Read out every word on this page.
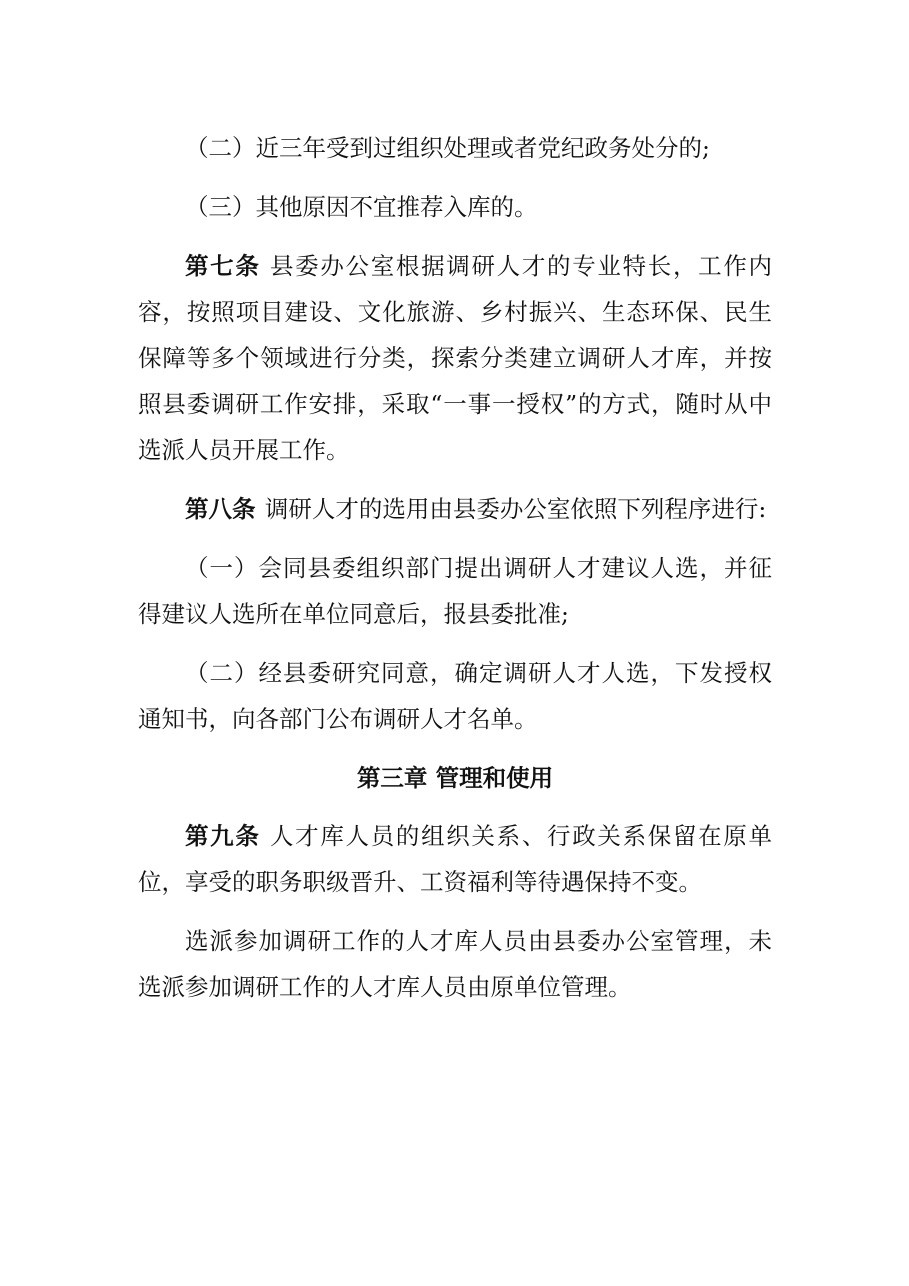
（二）近三年受到过组织处理或者党纪政务处分的;

（三）其他原因不宜推荐入库的。

第七条 县委办公室根据调研人才的专业特长，工作内容，按照项目建设、文化旅游、乡村振兴、生态环保、民生保障等多个领域进行分类，探索分类建立调研人才库，并按照县委调研工作安排，采取“一事一授权”的方式，随时从中选派人员开展工作。

第八条 调研人才的选用由县委办公室依照下列程序进行:

（一）会同县委组织部门提出调研人才建议人选，并征得建议人选所在单位同意后，报县委批准;

（二）经县委研究同意，确定调研人才人选，下发授权通知书，向各部门公布调研人才名单。

第三章 管理和使用

第九条 人才库人员的组织关系、行政关系保留在原单位，享受的职务职级晋升、工资福利等待遇保持不变。

选派参加调研工作的人才库人员由县委办公室管理，未选派参加调研工作的人才库人员由原单位管理。
